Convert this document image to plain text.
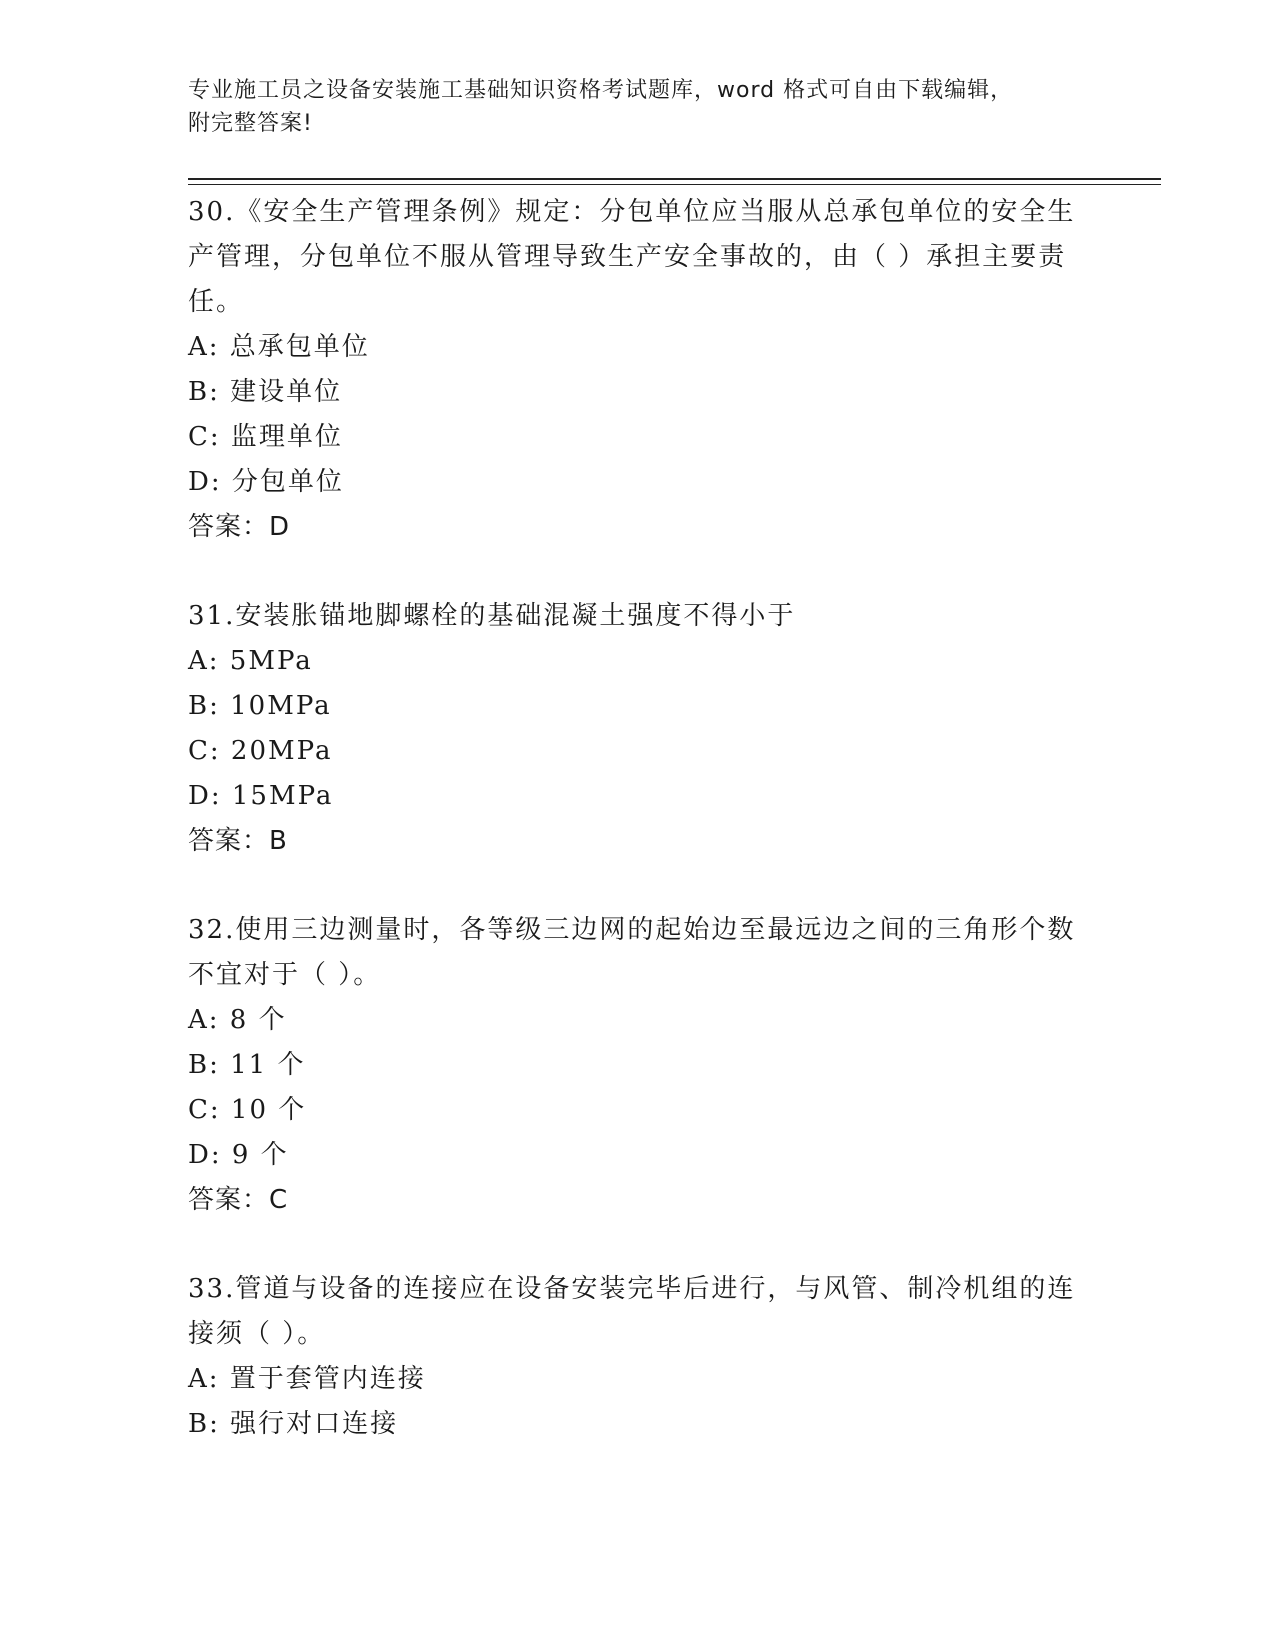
专业施工员之设备安装施工基础知识资格考试题库，word 格式可自由下载编辑，
附完整答案!
30.《安全生产管理条例》规定：分包单位应当服从总承包单位的安全生产管理，分包单位不服从管理导致生产安全事故的，由（ ）承担主要责任。
A: 总承包单位
B: 建设单位
C: 监理单位
D: 分包单位
答案：D
31.安装胀锚地脚螺栓的基础混凝土强度不得小于
A: 5MPa
B: 10MPa
C: 20MPa
D: 15MPa
答案：B
32.使用三边测量时，各等级三边网的起始边至最远边之间的三角形个数不宜对于（ ）。
A: 8 个
B: 11 个
C: 10 个
D: 9 个
答案：C
33.管道与设备的连接应在设备安装完毕后进行，与风管、制冷机组的连接须（ ）。
A: 置于套管内连接
B: 强行对口连接
